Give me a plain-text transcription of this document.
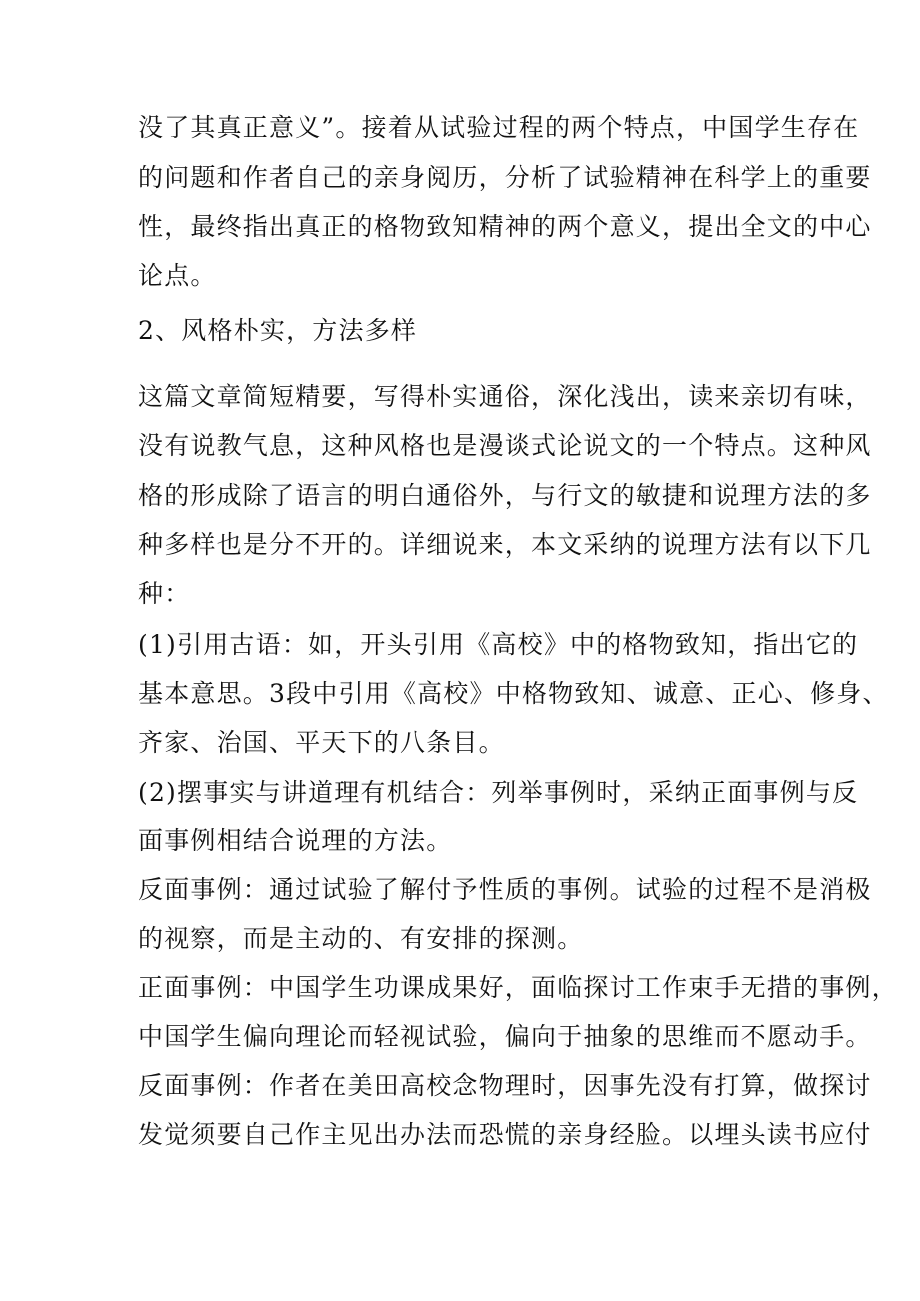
没了其真正意义”。接着从试验过程的两个特点，中国学生存在
的问题和作者自己的亲身阅历，分析了试验精神在科学上的重要
性，最终指出真正的格物致知精神的两个意义，提出全文的中心
论点。
2、风格朴实，方法多样
这篇文章简短精要，写得朴实通俗，深化浅出，读来亲切有味，
没有说教气息，这种风格也是漫谈式论说文的一个特点。这种风
格的形成除了语言的明白通俗外，与行文的敏捷和说理方法的多
种多样也是分不开的。详细说来，本文采纳的说理方法有以下几
种：
(1)引用古语：如，开头引用《高校》中的格物致知，指出它的
基本意思。3段中引用《高校》中格物致知、诚意、正心、修身、
齐家、治国、平天下的八条目。
(2)摆事实与讲道理有机结合：列举事例时，采纳正面事例与反
面事例相结合说理的方法。
反面事例：通过试验了解付予性质的事例。试验的过程不是消极
的视察，而是主动的、有安排的探测。
正面事例：中国学生功课成果好，面临探讨工作束手无措的事例，
中国学生偏向理论而轻视试验，偏向于抽象的思维而不愿动手。
反面事例：作者在美田高校念物理时，因事先没有打算，做探讨
发觉须要自己作主见出办法而恐慌的亲身经脸。以埋头读书应付
